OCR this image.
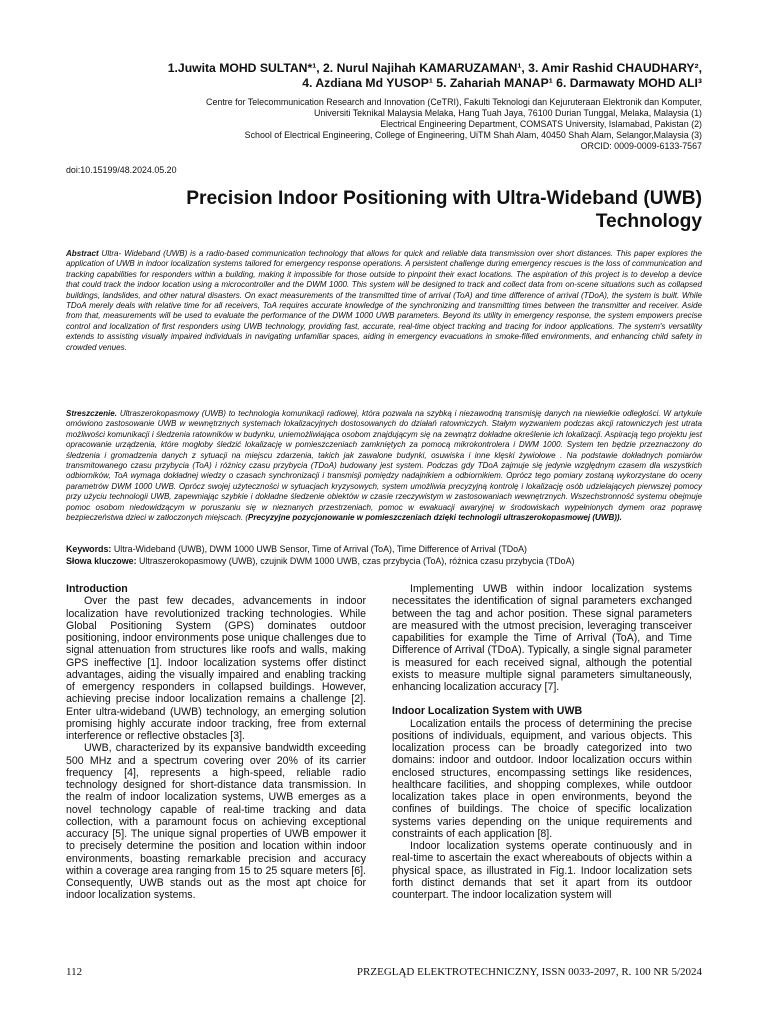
1.Juwita MOHD SULTAN*¹, 2. Nurul Najihah KAMARUZAMAN¹, 3. Amir Rashid CHAUDHARY²,
4. Azdiana Md YUSOP¹ 5. Zahariah MANAP¹ 6. Darmawaty MOHD ALI³
Centre for Telecommunication Research and Innovation (CeTRI), Fakulti Teknologi dan Kejuruteraan Elektronik dan Komputer,
Universiti Teknikal Malaysia Melaka, Hang Tuah Jaya, 76100 Durian Tunggal, Melaka, Malaysia (1)
Electrical Engineering Department, COMSATS University, Islamabad, Pakistan (2)
School of Electrical Engineering, College of Engineering, UiTM Shah Alam, 40450 Shah Alam, Selangor,Malaysia (3)
ORCID: 0009-0009-6133-7567
doi:10.15199/48.2024.05.20
Precision Indoor Positioning with Ultra-Wideband (UWB)
Technology

Abstract Ultra- Wideband (UWB) is a radio-based communication technology that allows for quick and reliable data transmission over short distances. This paper explores the application of UWB in indoor localization systems tailored for emergency response operations. A persistent challenge during emergency rescues is the loss of communication and tracking capabilities for responders within a building, making it impossible for those outside to pinpoint their exact locations. The aspiration of this project is to develop a device that could track the indoor location using a microcontroller and the DWM 1000. This system will be designed to track and collect data from on-scene situations such as collapsed buildings, landslides, and other natural disasters. On exact measurements of the transmitted time of arrival (ToA) and time difference of arrival (TDoA), the system is built. While TDoA merely deals with relative time for all receivers, ToA requires accurate knowledge of the synchronizing and transmitting times between the transmitter and receiver. Aside from that, measurements will be used to evaluate the performance of the DWM 1000 UWB parameters. Beyond its utility in emergency response, the system empowers precise control and localization of first responders using UWB technology, providing fast, accurate, real-time object tracking and tracing for indoor applications. The system's versatility extends to assisting visually impaired individuals in navigating unfamiliar spaces, aiding in emergency evacuations in smoke-filled environments, and enhancing child safety in crowded venues.

Streszczenie. Ultraszerokopasmowy (UWB) to technologia komunikacji radiowej, która pozwala na szybką i niezawodną transmisję danych na niewielkie odległości. W artykule omówiono zastosowanie UWB w wewnętrznych systemach lokalizacyjnych dostosowanych do działań ratowniczych. Stałym wyzwaniem podczas akcji ratowniczych jest utrata możliwości komunikacji i śledzenia ratowników w budynku, uniemożliwiająca osobom znajdującym się na zewnątrz dokładne określenie ich lokalizacji. Aspiracją tego projektu jest opracowanie urządzenia, które mogłoby śledzić lokalizację w pomieszczeniach zamkniętych za pomocą mikrokontrolera i DWM 1000. System ten będzie przeznaczony do śledzenia i gromadzenia danych z sytuacji na miejscu zdarzenia, takich jak zawalone budynki, osuwiska i inne klęski żywiołowe . Na podstawie dokładnych pomiarów transmitowanego czasu przybycia (ToA) i różnicy czasu przybycia (TDoA) budowany jest system. Podczas gdy TDoA zajmuje się jedynie względnym czasem dla wszystkich odbiorników, ToA wymaga dokładnej wiedzy o czasach synchronizacji i transmisji pomiędzy nadajnikiem a odbiornikiem. Oprócz tego pomiary zostaną wykorzystane do oceny parametrów DWM 1000 UWB. Oprócz swojej użyteczności w sytuacjach kryzysowych, system umożliwia precyzyjną kontrolę i lokalizację osób udzielających pierwszej pomocy przy użyciu technologii UWB, zapewniając szybkie i dokładne śledzenie obiektów w czasie rzeczywistym w zastosowaniach wewnętrznych. Wszechstronność systemu obejmuje pomoc osobom niedowidzącym w poruszaniu się w nieznanych przestrzeniach, pomoc w ewakuacji awaryjnej w środowiskach wypełnionych dymem oraz poprawę bezpieczeństwa dzieci w zatłoczonych miejscach. (Precyzyjne pozycjonowanie w pomieszczeniach dzięki technologii ultraszerokopasmowej (UWB)).

Keywords: Ultra-Wideband (UWB), DWM 1000 UWB Sensor, Time of Arrival (ToA), Time Difference of Arrival (TDoA)
Słowa kluczowe: Ultraszerokopasmowy (UWB), czujnik DWM 1000 UWB, czas przybycia (ToA), różnica czasu przybycia (TDoA)
Introduction

Over the past few decades, advancements in indoor localization have revolutionized tracking technologies. While Global Positioning System (GPS) dominates outdoor positioning, indoor environments pose unique challenges due to signal attenuation from structures like roofs and walls, making GPS ineffective [1]. Indoor localization systems offer distinct advantages, aiding the visually impaired and enabling tracking of emergency responders in collapsed buildings. However, achieving precise indoor localization remains a challenge [2]. Enter ultra-wideband (UWB) technology, an emerging solution promising highly accurate indoor tracking, free from external interference or reflective obstacles [3].

UWB, characterized by its expansive bandwidth exceeding 500 MHz and a spectrum covering over 20% of its carrier frequency [4], represents a high-speed, reliable radio technology designed for short-distance data transmission. In the realm of indoor localization systems, UWB emerges as a novel technology capable of real-time tracking and data collection, with a paramount focus on achieving exceptional accuracy [5]. The unique signal properties of UWB empower it to precisely determine the position and location within indoor environments, boasting remarkable precision and accuracy within a coverage area ranging from 15 to 25 square meters [6]. Consequently, UWB stands out as the most apt choice for indoor localization systems.

Implementing UWB within indoor localization systems necessitates the identification of signal parameters exchanged between the tag and achor position. These signal parameters are measured with the utmost precision, leveraging transceiver capabilities for example the Time of Arrival (ToA), and Time Difference of Arrival (TDoA). Typically, a single signal parameter is measured for each received signal, although the potential exists to measure multiple signal parameters simultaneously, enhancing localization accuracy [7].

Indoor Localization System with UWB

Localization entails the process of determining the precise positions of individuals, equipment, and various objects. This localization process can be broadly categorized into two domains: indoor and outdoor. Indoor localization occurs within enclosed structures, encompassing settings like residences, healthcare facilities, and shopping complexes, while outdoor localization takes place in open environments, beyond the confines of buildings. The choice of specific localization systems varies depending on the unique requirements and constraints of each application [8].

Indoor localization systems operate continuously and in real-time to ascertain the exact whereabouts of objects within a physical space, as illustrated in Fig.1. Indoor localization sets forth distinct demands that set it apart from its outdoor counterpart. The indoor localization system will

112	PRZEGLĄD ELEKTROTECHNICZNY, ISSN 0033-2097, R. 100 NR 5/2024
